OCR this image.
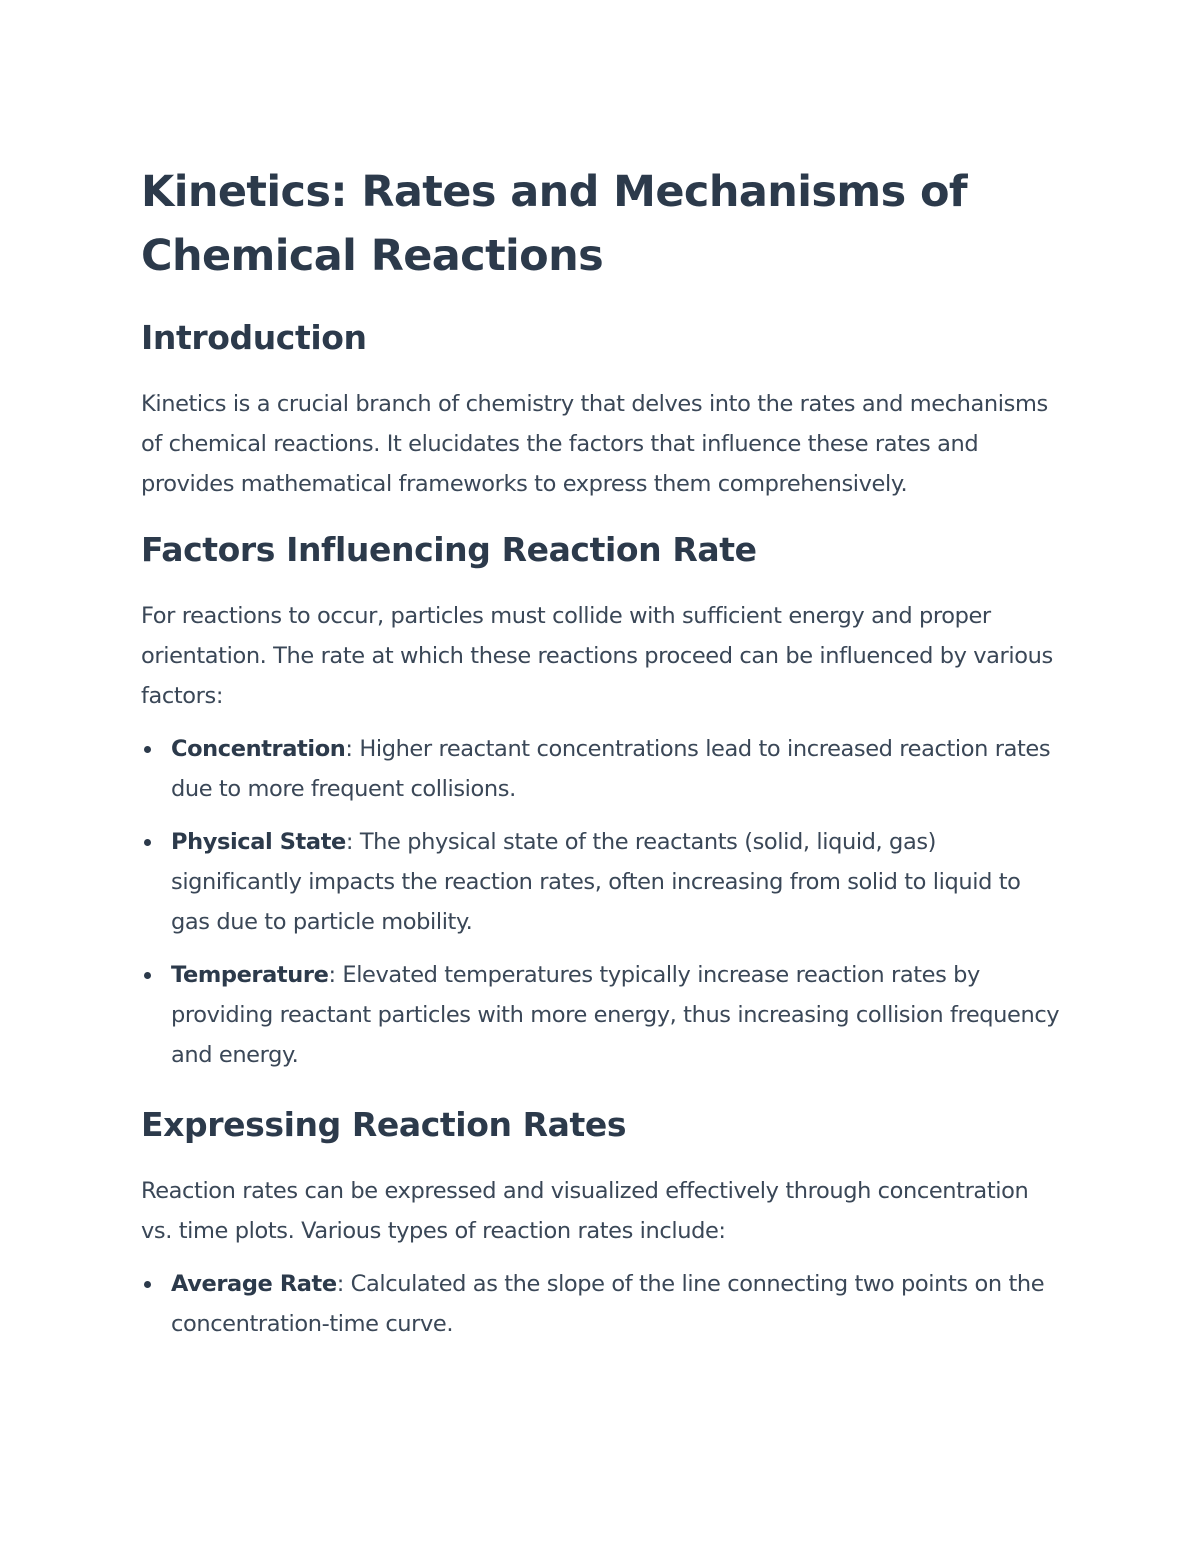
Kinetics: Rates and Mechanisms of Chemical Reactions
Introduction

Kinetics is a crucial branch of chemistry that delves into the rates and mechanisms of chemical reactions. It elucidates the factors that influence these rates and provides mathematical frameworks to express them comprehensively.

Factors Influencing Reaction Rate

For reactions to occur, particles must collide with sufficient energy and proper orientation. The rate at which these reactions proceed can be influenced by various factors:

Concentration: Higher reactant concentrations lead to increased reaction rates due to more frequent collisions.
Physical State: The physical state of the reactants (solid, liquid, gas) significantly impacts the reaction rates, often increasing from solid to liquid to gas due to particle mobility.
Temperature: Elevated temperatures typically increase reaction rates by providing reactant particles with more energy, thus increasing collision frequency and energy.
Expressing Reaction Rates

Reaction rates can be expressed and visualized effectively through concentration vs. time plots. Various types of reaction rates include:

Average Rate: Calculated as the slope of the line connecting two points on the concentration-time curve.
